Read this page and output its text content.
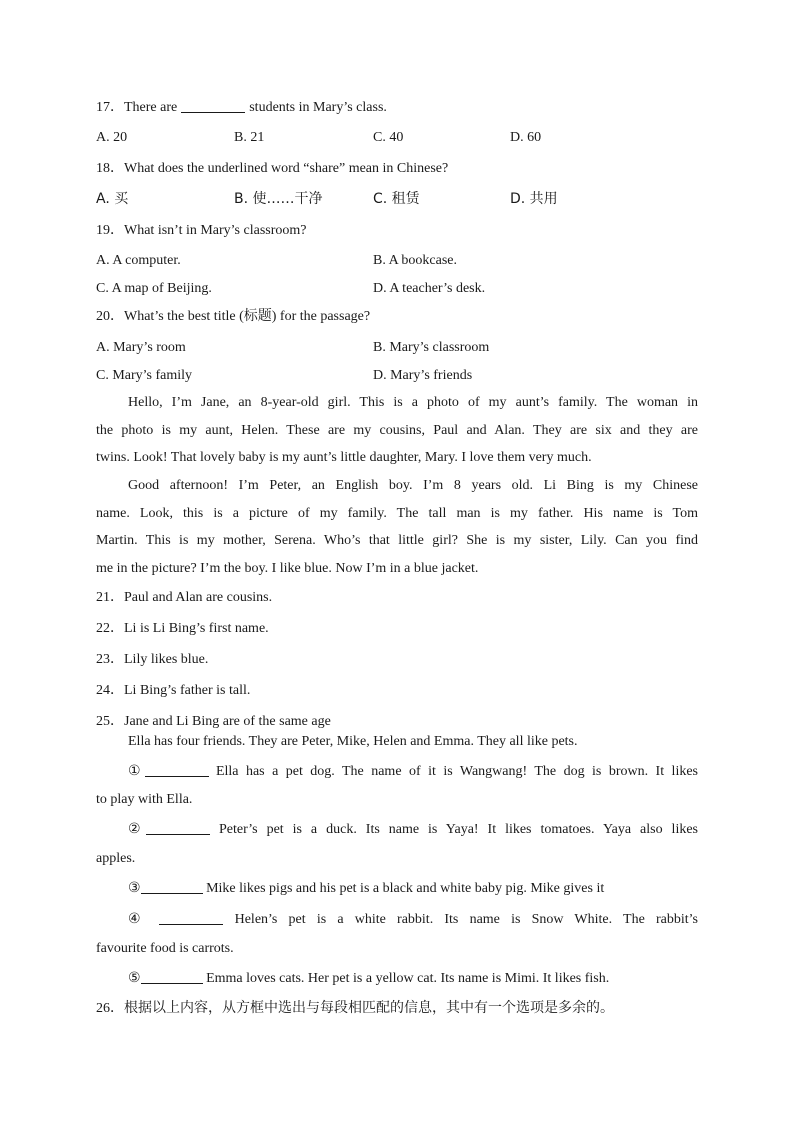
17．There are	students in Mary’s class.
A. 20	B. 21	C. 40	D. 60
18．What does the underlined word “share” mean in Chinese?
A. 买	B. 使……干净	C. 租赁	D. 共用
19．What isn’t in Mary’s classroom?
A. A computer.	B. A bookcase.
C. A map of Beijing.	D. A teacher’s desk.
20．What’s the best title (标题) for the passage?
A. Mary’s room	B. Mary’s classroom
C. Mary’s family	D. Mary’s friends
Hello, I’m Jane, an 8-year-old girl. This is a photo of my aunt’s family. The woman in
the photo is my aunt, Helen. These are my cousins, Paul and Alan. They are six and they are
twins. Look! That lovely baby is my aunt’s little daughter, Mary. I love them very much.
Good afternoon! I’m Peter, an English boy. I’m 8 years old. Li Bing is my Chinese
name. Look, this is a picture of my family. The tall man is my father. His name is Tom
Martin. This is my mother, Serena. Who’s that little girl? She is my sister, Lily. Can you find
me in the picture? I’m the boy. I like blue. Now I’m in a blue jacket.
21．Paul and Alan are cousins.
22．Li is Li Bing’s first name.
23．Lily likes blue.
24．Li Bing’s father is tall.
25．Jane and Li Bing are of the same age
Ella has four friends. They are Peter, Mike, Helen and Emma. They all like pets.
①	Ella has a pet dog. The name of it is Wangwang! The dog is brown. It likes
to play with Ella.
②	Peter’s pet is a duck. Its name is Yaya! It likes tomatoes. Yaya also likes
apples.
③	Mike likes pigs and his pet is a black and white baby pig. Mike gives it
④	Helen’s pet is a white rabbit. Its name is Snow White. The rabbit’s
favourite food is carrots.
⑤	Emma loves cats. Her pet is a yellow cat. Its name is Mimi. It likes fish.
26．根据以上内容，从方框中选出与每段相匹配的信息，其中有一个选项是多余的。
